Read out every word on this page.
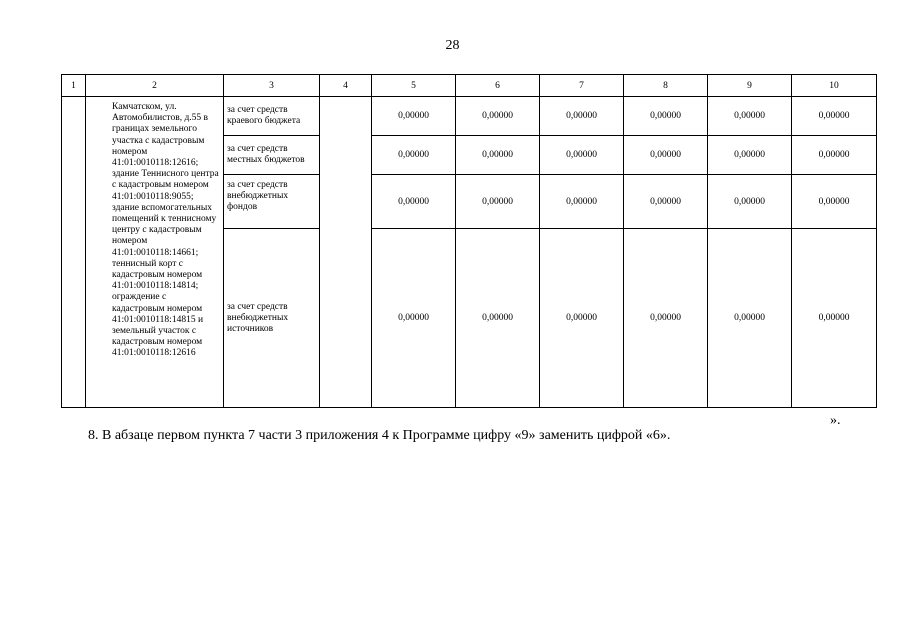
28
1	2	3	4	5	6	7	8	9	10
	Камчатском, ул. Автомобилистов, д.55 в границах земельного участка с кадастровым номером 41:01:0010118:12616; здание Теннисного центра с кадастровым номером 41:01:0010118:9055; здание вспомогательных помещений к теннисному центру с кадастровым номером 41:01:0010118:14661; теннисный корт с кадастровым номером 41:01:0010118:14814; ограждение с кадастровым номером 41:01:0010118:14815 и земельный участок с кадастровым номером 41:01:0010118:12616	за счет средств краевого бюджета		0,00000	0,00000	0,00000	0,00000	0,00000	0,00000
		за счет средств местных бюджетов		0,00000	0,00000	0,00000	0,00000	0,00000	0,00000
		за счет средств внебюджетных фондов		0,00000	0,00000	0,00000	0,00000	0,00000	0,00000
		за счет средств внебюджетных источников		0,00000	0,00000	0,00000	0,00000	0,00000	0,00000
».
8. В абзаце первом пункта 7 части 3 приложения 4 к Программе цифру «9» заменить цифрой «6».
